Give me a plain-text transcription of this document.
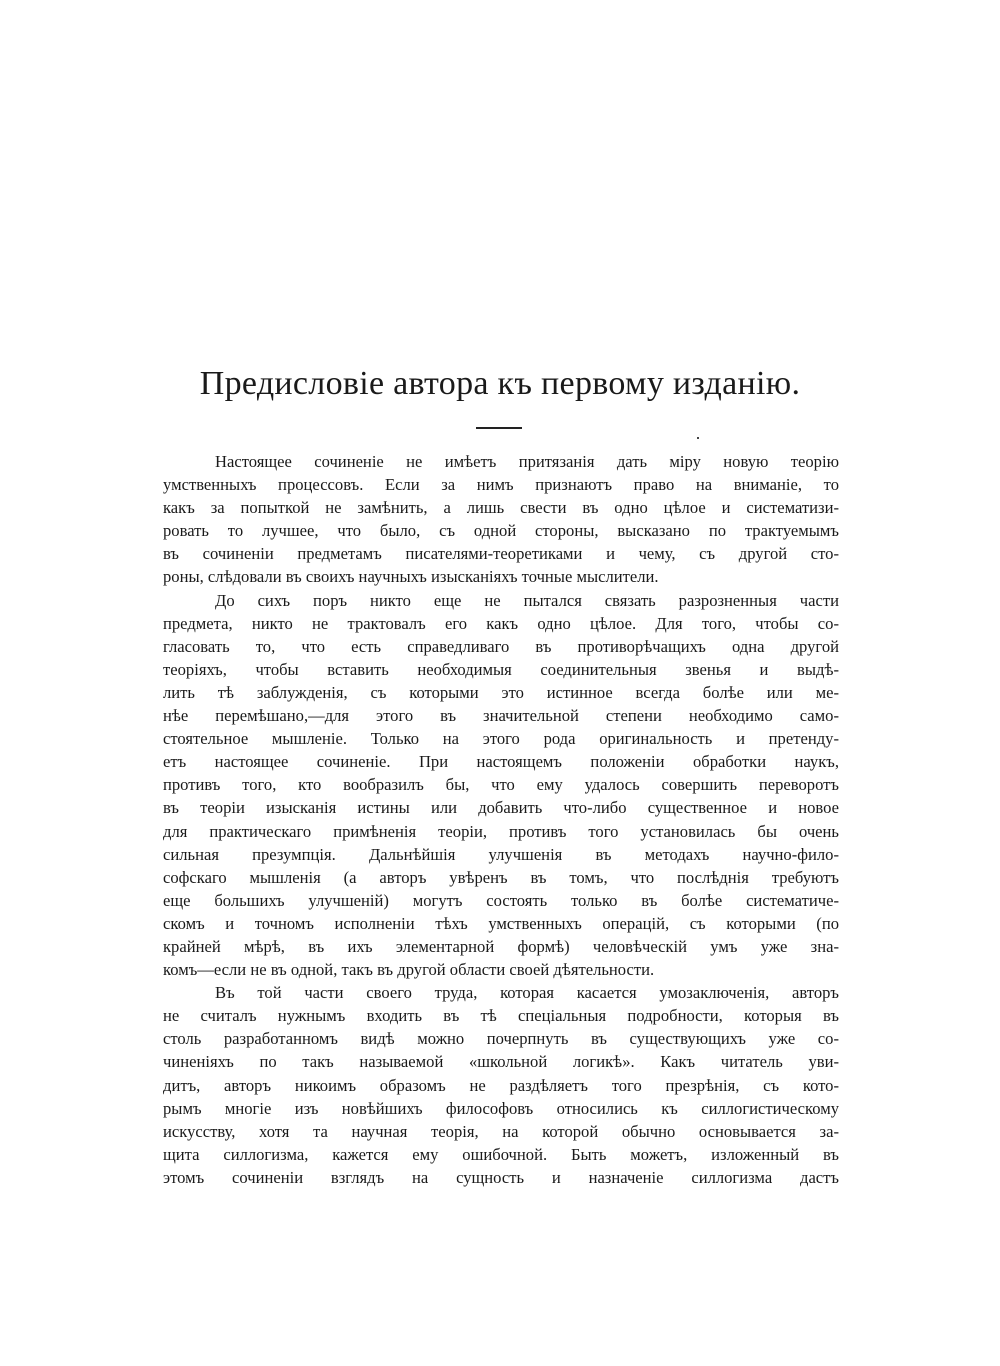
Предисловіе автора къ первому изданію.
Настоящее сочиненіе не имѣетъ притязанія дать міру новую теорію
умственныхъ процессовъ. Если за нимъ признаютъ право на вниманіе, то
какъ за попыткой не замѣнить, а лишь свести въ одно цѣлое и систематизи-
ровать то лучшее, что было, съ одной стороны, высказано по трактуемымъ
въ сочиненіи предметамъ писателями-теоретиками и чему, съ другой сто-
роны, слѣдовали въ своихъ научныхъ изысканіяхъ точные мыслители.
До сихъ поръ никто еще не пытался связать разрозненныя части
предмета, никто не трактовалъ его какъ одно цѣлое. Для того, чтобы со-
гласовать то, что есть справедливаго въ противорѣчащихъ одна другой
теоріяхъ, чтобы вставить необходимыя соединительныя звенья и выдѣ-
лить тѣ заблужденія, съ которыми это истинное всегда болѣе или ме-
нѣе перемѣшано,—для этого въ значительной степени необходимо само-
стоятельное мышленіе. Только на этого рода оригинальность и претенду-
етъ настоящее сочиненіе. При настоящемъ положеніи обработки наукъ,
противъ того, кто вообразилъ бы, что ему удалось совершить переворотъ
въ теоріи изысканія истины или добавить что-либо существенное и новое
для практическаго примѣненія теоріи, противъ того установилась бы очень
сильная презумпція. Дальнѣйшія улучшенія въ методахъ научно-фило-
софскаго мышленія (а авторъ увѣренъ въ томъ, что послѣднія требуютъ
еще большихъ улучшеній) могутъ состоять только въ болѣе систематиче-
скомъ и точномъ исполненіи тѣхъ умственныхъ операцій, съ которыми (по
крайней мѣрѣ, въ ихъ элементарной формѣ) человѣческій умъ уже зна-
комъ—если не въ одной, такъ въ другой области своей дѣятельности.
Въ той части своего труда, которая касается умозаключенія, авторъ
не считалъ нужнымъ входить въ тѣ спеціальныя подробности, которыя въ
столь разработанномъ видѣ можно почерпнуть въ существующихъ уже со-
чиненіяхъ по такъ называемой «школьной логикѣ». Какъ читатель уви-
дитъ, авторъ никоимъ образомъ не раздѣляетъ того презрѣнія, съ кото-
рымъ многіе изъ новѣйшихъ философовъ относились къ силлогистическому
искусству, хотя та научная теорія, на которой обычно основывается за-
щита силлогизма, кажется ему ошибочной. Быть можетъ, изложенный въ
этомъ сочиненіи взглядъ на сущность и назначеніе силлогизма дастъ
